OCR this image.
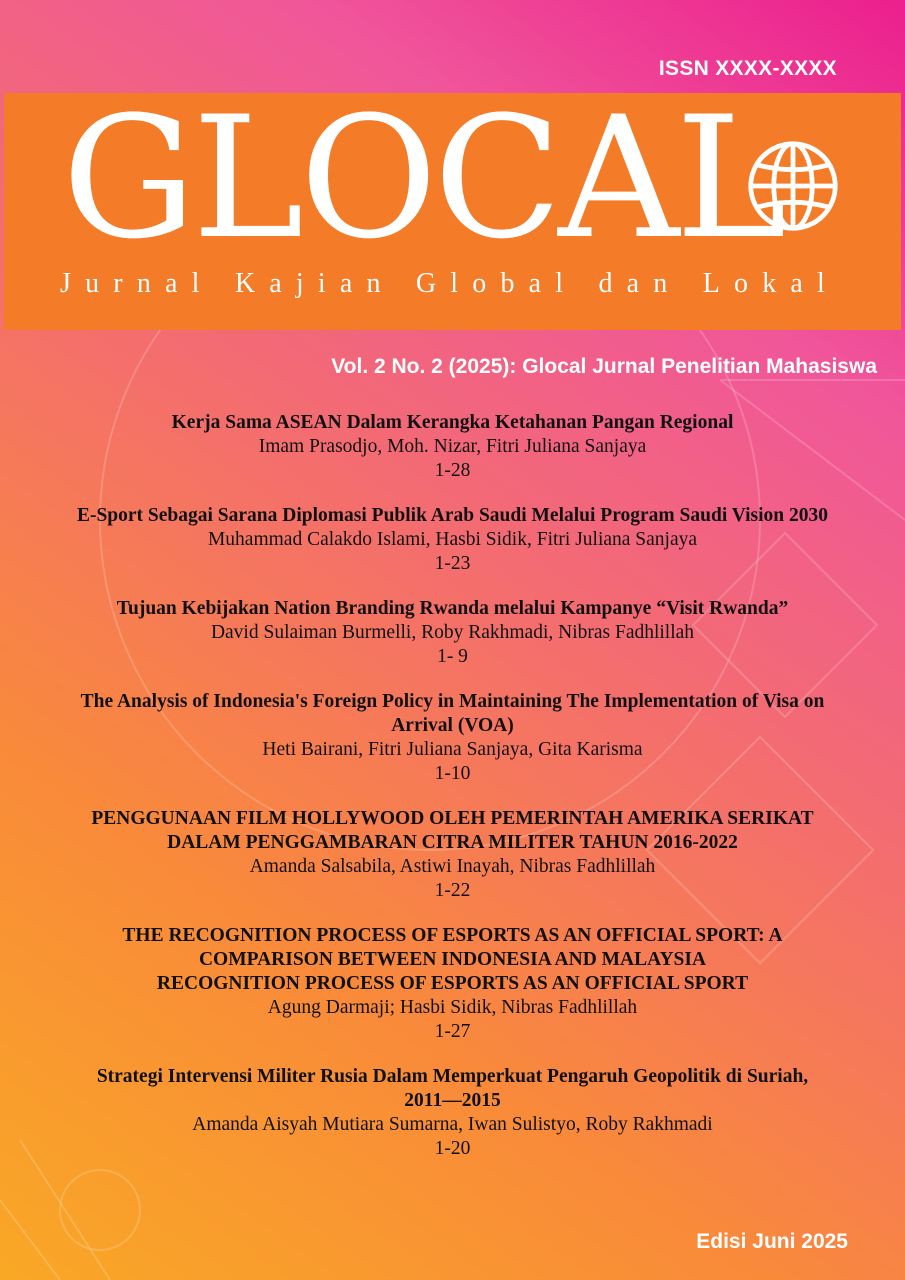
ISSN XXXX-XXXX
GLOCAL
Jurnal Kajian Global dan Lokal
Vol. 2 No. 2 (2025): Glocal Jurnal Penelitian Mahasiswa
Kerja Sama ASEAN Dalam Kerangka Ketahanan Pangan Regional
Imam Prasodjo, Moh. Nizar, Fitri Juliana Sanjaya
1-28
E-Sport Sebagai Sarana Diplomasi Publik Arab Saudi Melalui Program Saudi Vision 2030
Muhammad Calakdo Islami, Hasbi Sidik, Fitri Juliana Sanjaya
1-23
Tujuan Kebijakan Nation Branding Rwanda melalui Kampanye “Visit Rwanda”
David Sulaiman Burmelli, Roby Rakhmadi, Nibras Fadhlillah
1- 9
The Analysis of Indonesia's Foreign Policy in Maintaining The Implementation of Visa on
Arrival (VOA)
Heti Bairani, Fitri Juliana Sanjaya, Gita Karisma
1-10
PENGGUNAAN FILM HOLLYWOOD OLEH PEMERINTAH AMERIKA SERIKAT
DALAM PENGGAMBARAN CITRA MILITER TAHUN 2016-2022
Amanda Salsabila, Astiwi Inayah, Nibras Fadhlillah
1-22
THE RECOGNITION PROCESS OF ESPORTS AS AN OFFICIAL SPORT: A
COMPARISON BETWEEN INDONESIA AND MALAYSIA
RECOGNITION PROCESS OF ESPORTS AS AN OFFICIAL SPORT
Agung Darmaji; Hasbi Sidik, Nibras Fadhlillah
1-27
Strategi Intervensi Militer Rusia Dalam Memperkuat Pengaruh Geopolitik di Suriah,
2011—2015
Amanda Aisyah Mutiara Sumarna, Iwan Sulistyo, Roby Rakhmadi
1-20
Edisi Juni 2025
